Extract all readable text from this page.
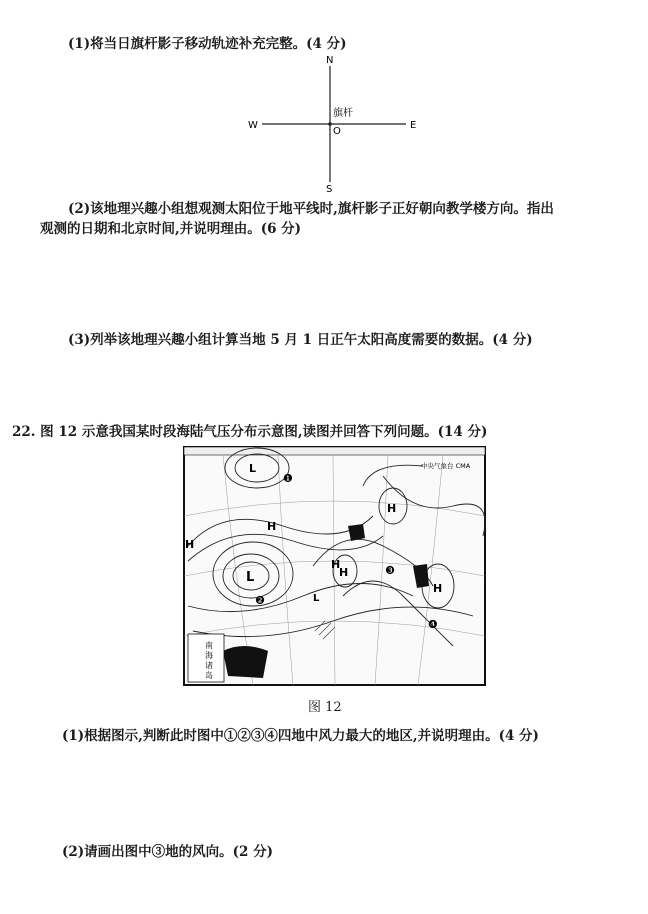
(1)将当日旗杆影子移动轨迹补充完整。(4 分)
N
S
W	E
O
旗杆
(2)该地理兴趣小组想观测太阳位于地平线时,旗杆影子正好朝向教学楼方向。指出
观测的日期和北京时间,并说明理由。(6 分)
(3)列举该地理兴趣小组计算当地 5 月 1 日正午太阳高度需要的数据。(4 分)
22. 图 12 示意我国某时段海陆气压分布示意图,读图并回答下列问题。(14 分)
南
海
诸
岛
中央气象台 CMA
L
L
H
H
H
H
L
H
H
❶
❷
❸
❹
图 12
(1)根据图示,判断此时图中①②③④四地中风力最大的地区,并说明理由。(4 分)
(2)请画出图中③地的风向。(2 分)
